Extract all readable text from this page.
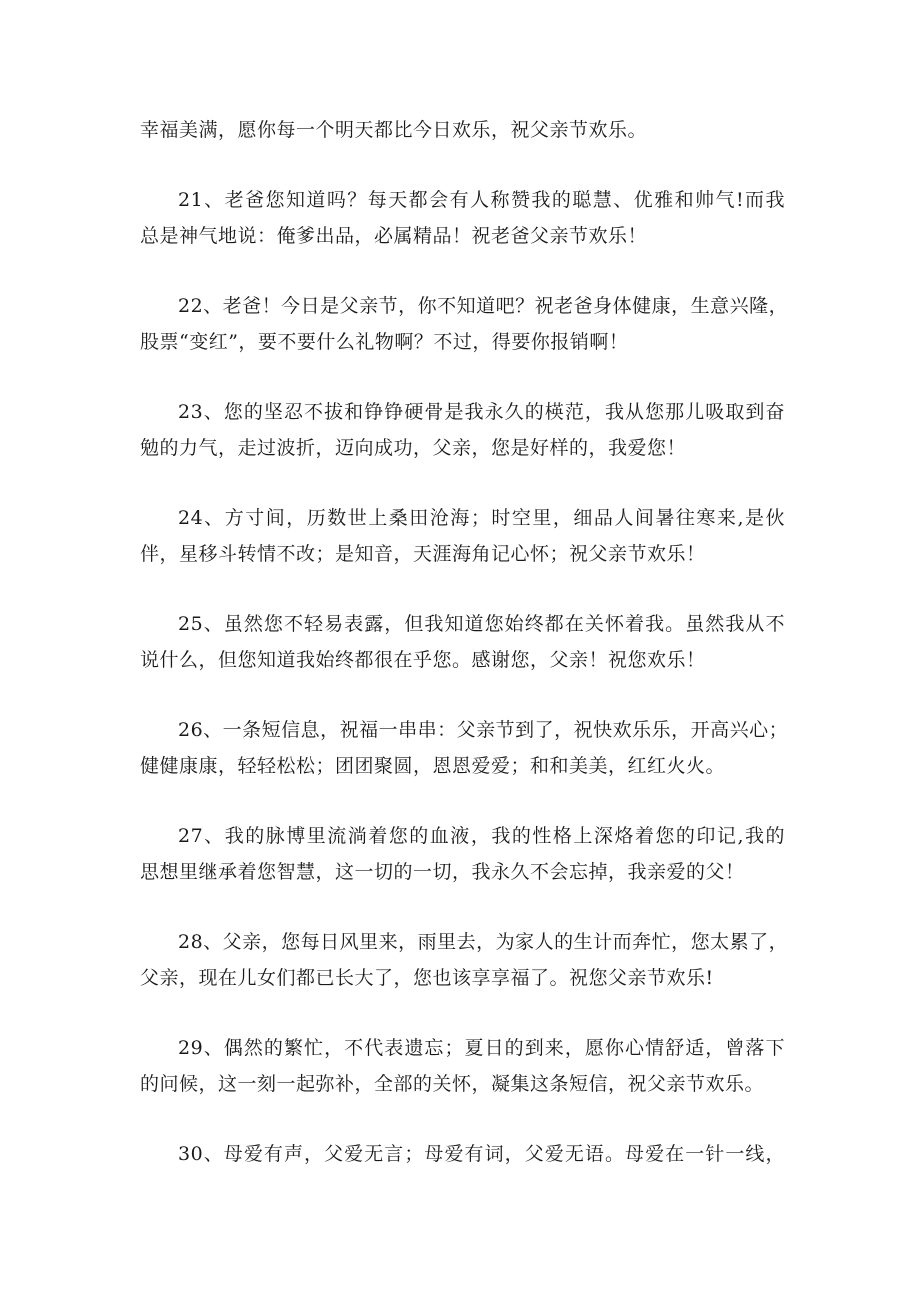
幸福美满，愿你每一个明天都比今日欢乐，祝父亲节欢乐。
21、老爸您知道吗？每天都会有人称赞我的聪慧、优雅和帅气!而我
总是神气地说：俺爹出品，必属精品！祝老爸父亲节欢乐！
22、老爸！今日是父亲节，你不知道吧？祝老爸身体健康，生意兴隆，
股票“变红”，要不要什么礼物啊？不过，得要你报销啊！
23、您的坚忍不拔和铮铮硬骨是我永久的楧范，我从您那儿吸取到奋
勉的力气，走过波折，迈向成功，父亲，您是好样的，我爱您！
24、方寸间，历数世上桑田沧海；时空里，细品人间暑往寒来,是伙
伴，星移斗转情不改；是知音，天涯海角记心怀；祝父亲节欢乐！
25、虽然您不轻易表露，但我知道您始终都在关怀着我。虽然我从不
说什么，但您知道我始终都很在乎您。感谢您，父亲！祝您欢乐！
26、一条短信息，祝福一串串：父亲节到了，祝快欢乐乐，开高兴心；
健健康康，轻轻松松；团团聚圆，恩恩爱爱；和和美美，红红火火。
27、我的脉博里流淌着您的血液，我的性格上深烙着您的印记,我的
思想里继承着您智慧，这一切的一切，我永久不会忘掉，我亲爱的父！
28、父亲，您每日风里来，雨里去，为家人的生计而奔忙，您太累了，
父亲，现在儿女们都已长大了，您也该享享福了。祝您父亲节欢乐!
29、偶然的繁忙，不代表遗忘；夏日的到来，愿你心情舒适，曾落下
的问候，这一刻一起弥补，全部的关怀，凝集这条短信，祝父亲节欢乐。
30、母爱有声，父爱无言；母爱有词，父爱无语。母爱在一针一线，
